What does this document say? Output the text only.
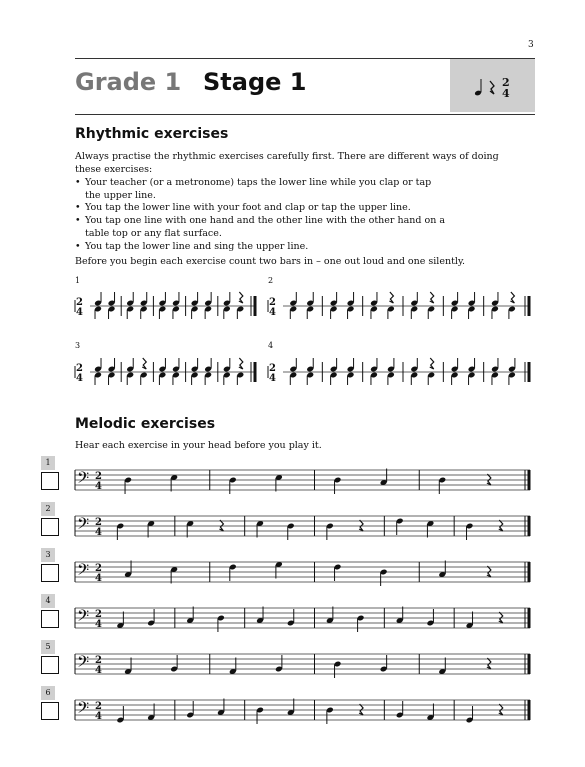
3
Grade 1 Stage 1	2
4
Rhythmic exercises
Always practise the rhythmic exercises carefully first. There are different ways of doing these exercises:
• Your teacher (or a metronome) taps the lower line while you clap or tap the upper line.
• You tap the lower line with your foot and clap or tap the upper line.
• You tap one line with one hand and the other line with the other hand on a table top or any flat surface.
• You tap the lower line and sing the upper line.
Before you begin each exercise count two bars in – one out loud and one silently.
1	2
3	4
2
4
2
4
2
4
2
4
Melodic exercises
Hear each exercise in your head before you play it.
1
2
3
4
5
6
𝄢 2
4
𝄢 2
4
𝄢 2
4
𝄢 2
4
𝄢 2
4
𝄢 2
4
